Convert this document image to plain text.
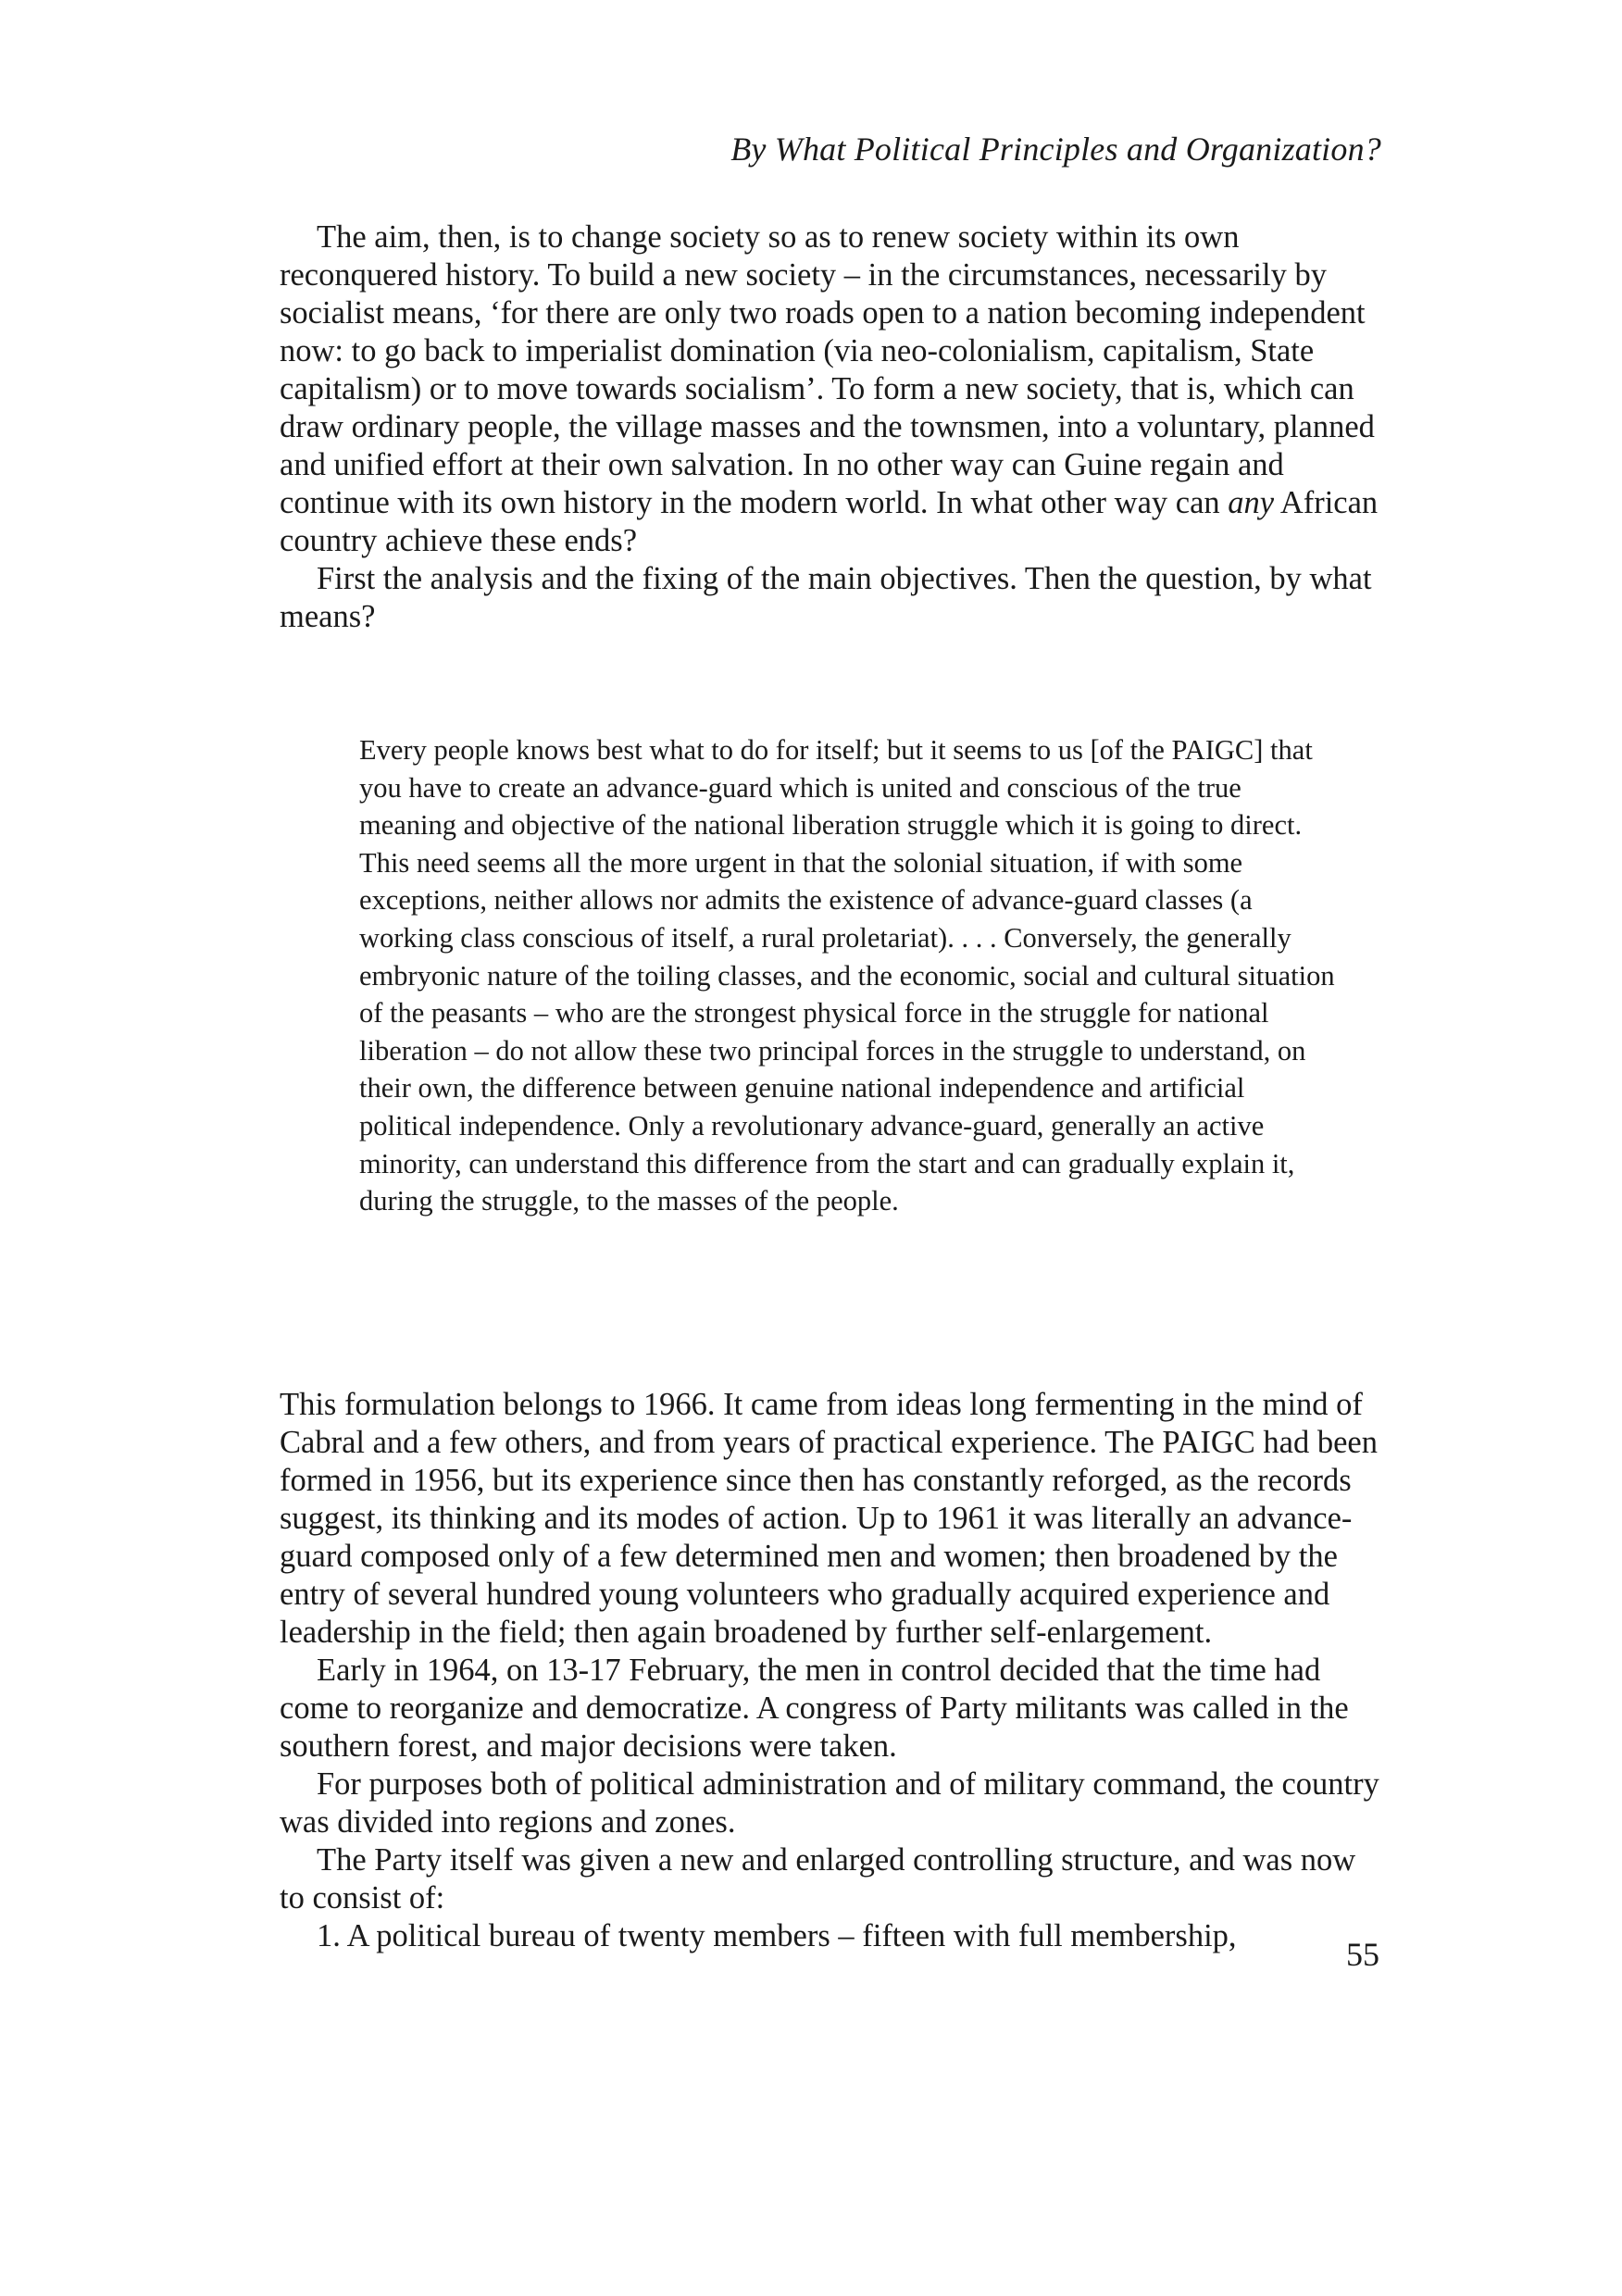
By What Political Principles and Organization?

The aim, then, is to change society so as to renew society within its own reconquered history. To build a new society – in the circumstances, necessarily by socialist means, ‘for there are only two roads open to a nation becoming independent now: to go back to imperialist domination (via neo-colonialism, capitalism, State capitalism) or to move towards socialism’. To form a new society, that is, which can draw ordinary people, the village masses and the townsmen, into a voluntary, planned and unified effort at their own salvation. In no other way can Guine regain and continue with its own history in the modern world. In what other way can any African country achieve these ends?

First the analysis and the fixing of the main objectives. Then the question, by what means?

Every people knows best what to do for itself; but it seems to us [of the PAIGC] that you have to create an advance-guard which is united and conscious of the true meaning and objective of the national liberation struggle which it is going to direct. This need seems all the more urgent in that the solonial situation, if with some exceptions, neither allows nor admits the existence of advance-guard classes (a working class conscious of itself, a rural proletariat). . . . Conversely, the generally embryonic nature of the toiling classes, and the economic, social and cultural situation of the peasants – who are the strongest physical force in the struggle for national liberation – do not allow these two principal forces in the struggle to understand, on their own, the difference between genuine national independence and artificial political independence. Only a revolutionary advance-guard, generally an active minority, can understand this difference from the start and can gradually explain it, during the struggle, to the masses of the people.

This formulation belongs to 1966. It came from ideas long fermenting in the mind of Cabral and a few others, and from years of practical experience. The PAIGC had been formed in 1956, but its experience since then has constantly reforged, as the records suggest, its thinking and its modes of action. Up to 1961 it was literally an advance-guard composed only of a few determined men and women; then broadened by the entry of several hundred young volunteers who gradually acquired experience and leadership in the field; then again broadened by further self-enlargement.

Early in 1964, on 13-17 February, the men in control decided that the time had come to reorganize and democratize. A congress of Party militants was called in the southern forest, and major decisions were taken.

For purposes both of political administration and of military command, the country was divided into regions and zones.

The Party itself was given a new and enlarged controlling structure, and was now to consist of:

1. A political bureau of twenty members – fifteen with full membership,	55
